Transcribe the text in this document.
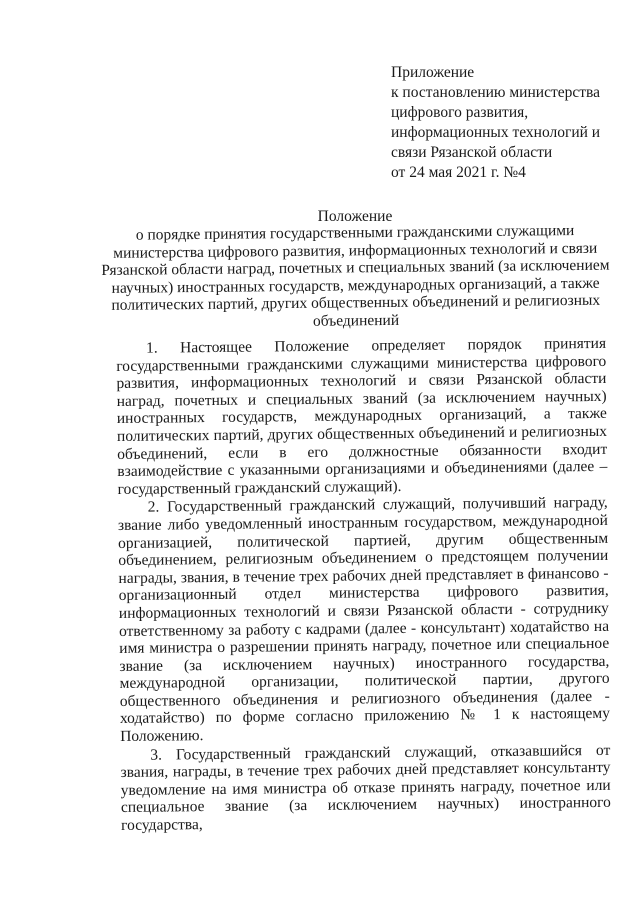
Приложение
к постановлению министерства
цифрового развития,
информационных технологий и
связи Рязанской области
от 24 мая 2021 г. №4
Положение
о порядке принятия государственными гражданскими служащими министерства цифрового развития, информационных технологий и связи Рязанской области наград, почетных и специальных званий (за исключением научных) иностранных государств, международных организаций, а также политических партий, других общественных объединений и религиозных объединений

1. Настоящее Положение определяет порядок принятия государственными гражданскими служащими министерства цифрового развития, информационных технологий и связи Рязанской области наград, почетных и специальных званий (за исключением научных) иностранных государств, международных организаций, а также политических партий, других общественных объединений и религиозных объединений, если в его должностные обязанности входит взаимодействие с указанными организациями и объединениями (далее – государственный гражданский служащий).

2. Государственный гражданский служащий, получивший награду, звание либо уведомленный иностранным государством, международной организацией, политической партией, другим общественным объединением, религиозным объединением о предстоящем получении награды, звания, в течение трех рабочих дней представляет в финансово - организационный отдел министерства цифрового развития, информационных технологий и связи Рязанской области - сотруднику ответственному за работу с кадрами (далее - консультант) ходатайство на имя министра о разрешении принять награду, почетное или специальное звание (за исключением научных) иностранного государства, международной организации, политической партии, другого общественного объединения и религиозного объединения (далее - ходатайство) по форме согласно приложению № 1 к настоящему Положению.

3. Государственный гражданский служащий, отказавшийся от звания, награды, в течение трех рабочих дней представляет консультанту уведомление на имя министра об отказе принять награду, почетное или специальное звание (за исключением научных) иностранного государства,
